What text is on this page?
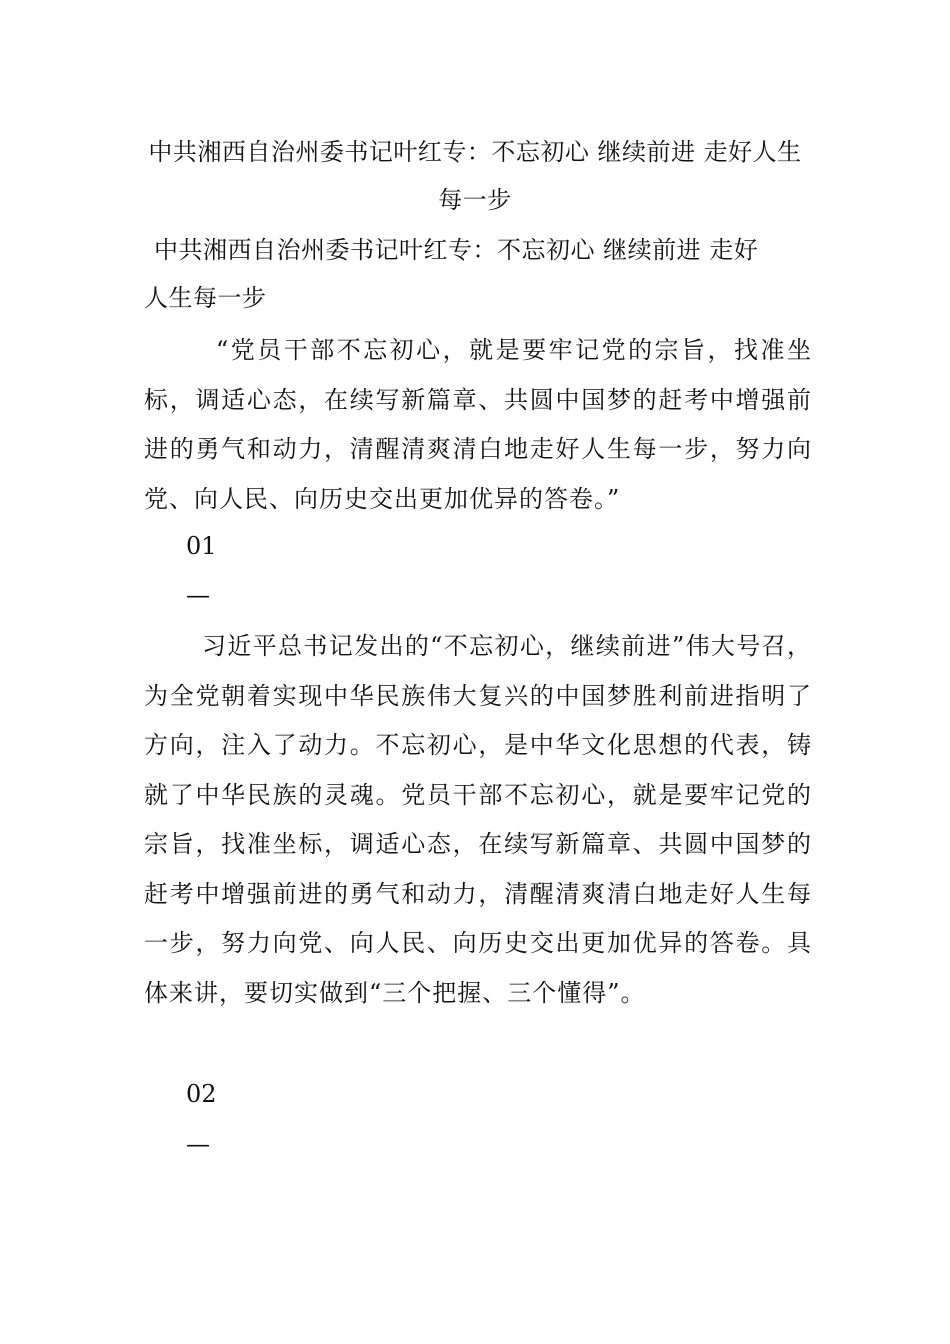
中共湘西自治州委书记叶红专：不忘初心 继续前进 走好人生每一步
中共湘西自治州委书记叶红专：不忘初心 继续前进 走好
人生每一步

“党员干部不忘初心，就是要牢记党的宗旨，找准坐标，调适心态，在续写新篇章、共圆中国梦的赶考中增强前进的勇气和动力，清醒清爽清白地走好人生每一步，努力向党、向人民、向历史交出更加优异的答卷。”

01
—

习近平总书记发出的“不忘初心，继续前进”伟大号召，为全党朝着实现中华民族伟大复兴的中国梦胜利前进指明了方向，注入了动力。不忘初心，是中华文化思想的代表，铸就了中华民族的灵魂。党员干部不忘初心，就是要牢记党的宗旨，找准坐标，调适心态，在续写新篇章、共圆中国梦的赶考中增强前进的勇气和动力，清醒清爽清白地走好人生每一步，努力向党、向人民、向历史交出更加优异的答卷。具体来讲，要切实做到“三个把握、三个懂得”。

02
—
